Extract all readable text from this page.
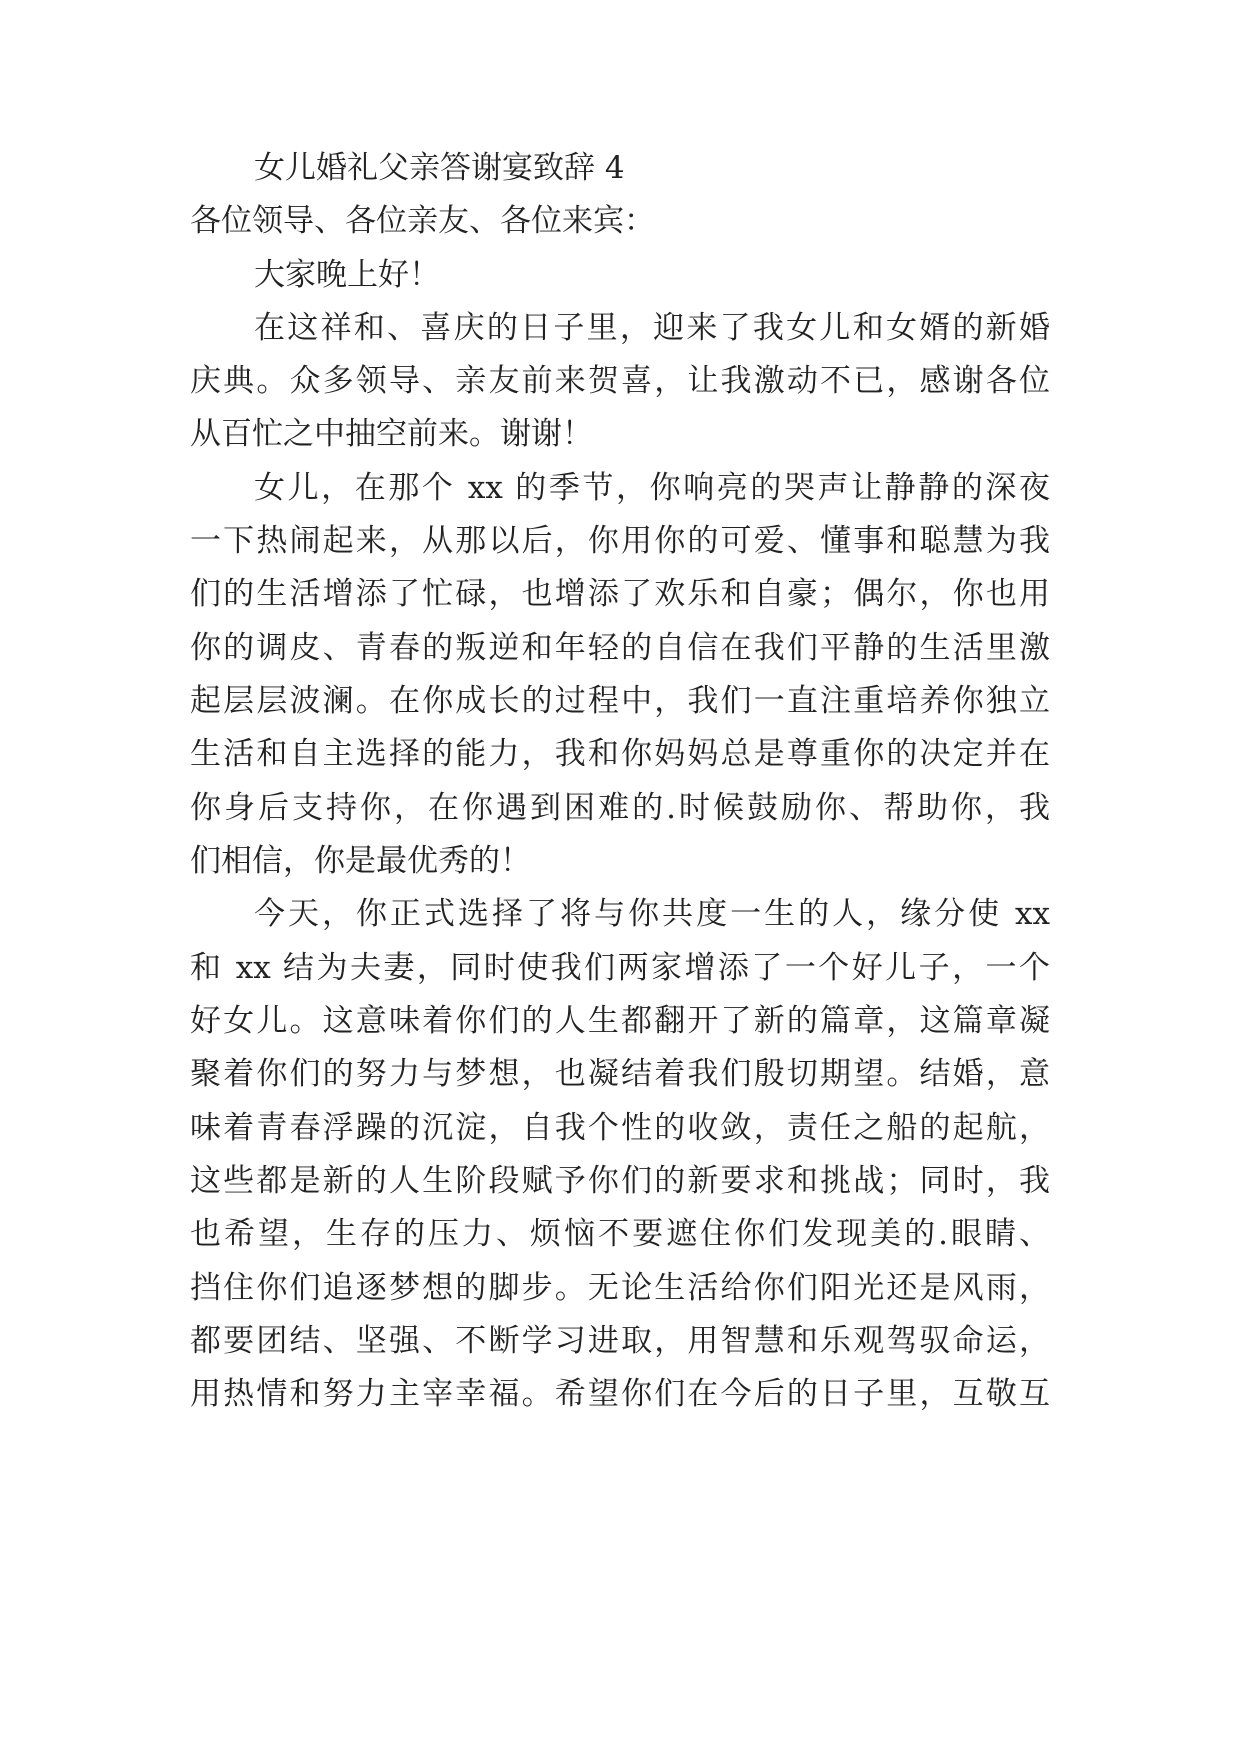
女儿婚礼父亲答谢宴致辞 4
各位领导、各位亲友、各位来宾：
大家晚上好！
在这祥和、喜庆的日子里，迎来了我女儿和女婿的新婚
庆典。众多领导、亲友前来贺喜，让我激动不已，感谢各位
从百忙之中抽空前来。谢谢！
女儿，在那个 xx 的季节，你响亮的哭声让静静的深夜
一下热闹起来，从那以后，你用你的可爱、懂事和聪慧为我
们的生活增添了忙碌，也增添了欢乐和自豪；偶尔，你也用
你的调皮、青春的叛逆和年轻的自信在我们平静的生活里激
起层层波澜。在你成长的过程中，我们一直注重培养你独立
生活和自主选择的能力，我和你妈妈总是尊重你的决定并在
你身后支持你，在你遇到困难的.时候鼓励你、帮助你，我
们相信，你是最优秀的！
今天，你正式选择了将与你共度一生的人，缘分使 xx
和 xx 结为夫妻，同时使我们两家增添了一个好儿子，一个
好女儿。这意味着你们的人生都翻开了新的篇章，这篇章凝
聚着你们的努力与梦想，也凝结着我们殷切期望。结婚，意
味着青春浮躁的沉淀，自我个性的收敛，责任之船的起航，
这些都是新的人生阶段赋予你们的新要求和挑战；同时，我
也希望，生存的压力、烦恼不要遮住你们发现美的.眼睛、
挡住你们追逐梦想的脚步。无论生活给你们阳光还是风雨，
都要团结、坚强、不断学习进取，用智慧和乐观驾驭命运，
用热情和努力主宰幸福。希望你们在今后的日子里，互敬互
